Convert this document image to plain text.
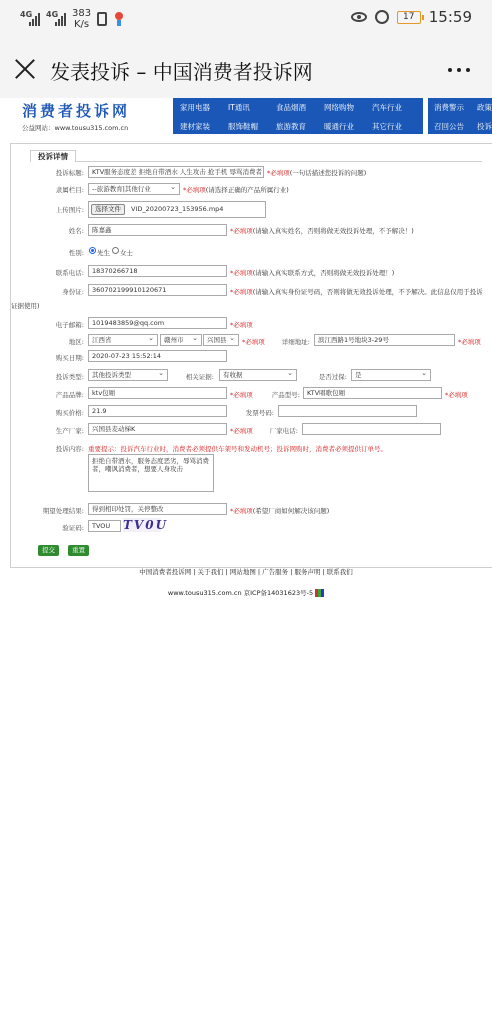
4G 4G 383
K/s
17 15:59
发表投诉 – 中国消费者投诉网
消费者投诉网
公益网站：www.tousu315.com.cn
家用电器 IT通讯	食品烟酒 网络购物 汽车行业
建材家装 服饰鞋帽 旅游教育 暖通行业 其它行业
消费警示 政策
召回公告 投诉
投诉详情
投诉标题:	KTV服务态度差 拒绝自带酒水 人生攻击 抢手机 辱骂消费者 *必填项(一句话描述您投诉的问题)
隶属栏目:	--旅游教育|其他行业 ⌄	*必填项(请选择正确的产品所属行业)
上传图片:	选择文件	VID_20200723_153956.mp4
姓名:	陈嘉鑫	*必填项(请输入真实姓名，否则将做无效投诉处理，不予解决！)
性别: 先生 女士
联系电话:	18370266718	*必填项(请输入真实联系方式，否则将做无效投诉处理！)
身份证:	360702199910120671	*必填项(请输入真实身份证号码，否则将做无效投诉处理，不予解决。此信息仅用于投诉
证据使用)
电子邮箱:	1019483859@qq.com	*必填项
地区:	江西省 ⌄	赣州市 ⌄	兴国县 ⌄	*必填项	详细地址:	滨江西路1号地块3-29号	*必填项
购买日期:	2020-07-23 15:52:14
投诉类型:	其他投诉类型 ⌄	相关证据:	有收据 ⌄	是否过保:	是 ⌄
产品品牌:	ktv包厢	*必填项	产品型号:	KTV唱歌包厢	*必填项
购买价格:	21.9	发票号码:
生产厂家:	兴国县麦动梯K	*必填项	厂家电话:
投诉内容: 重要提示：投诉汽车行业时，消费者必须提供车架号和发动机号；投诉网购时，消费者必须提供订单号。
拒绝自带酒水，服务态度恶劣，辱骂消费者，嘲讽消费者，想要人身攻击
期望处理结果:	得到相印处罚，关停整改	*必填项(希望厂商如何解决该问题)
验证码:	TVOU	TV0U
提交	重置
中国消费者投诉网 | 关于我们 | 网站地图 | 广告服务 | 服务声明 | 联系我们
www.tousu315.com.cn 京ICP备14031623号-5
